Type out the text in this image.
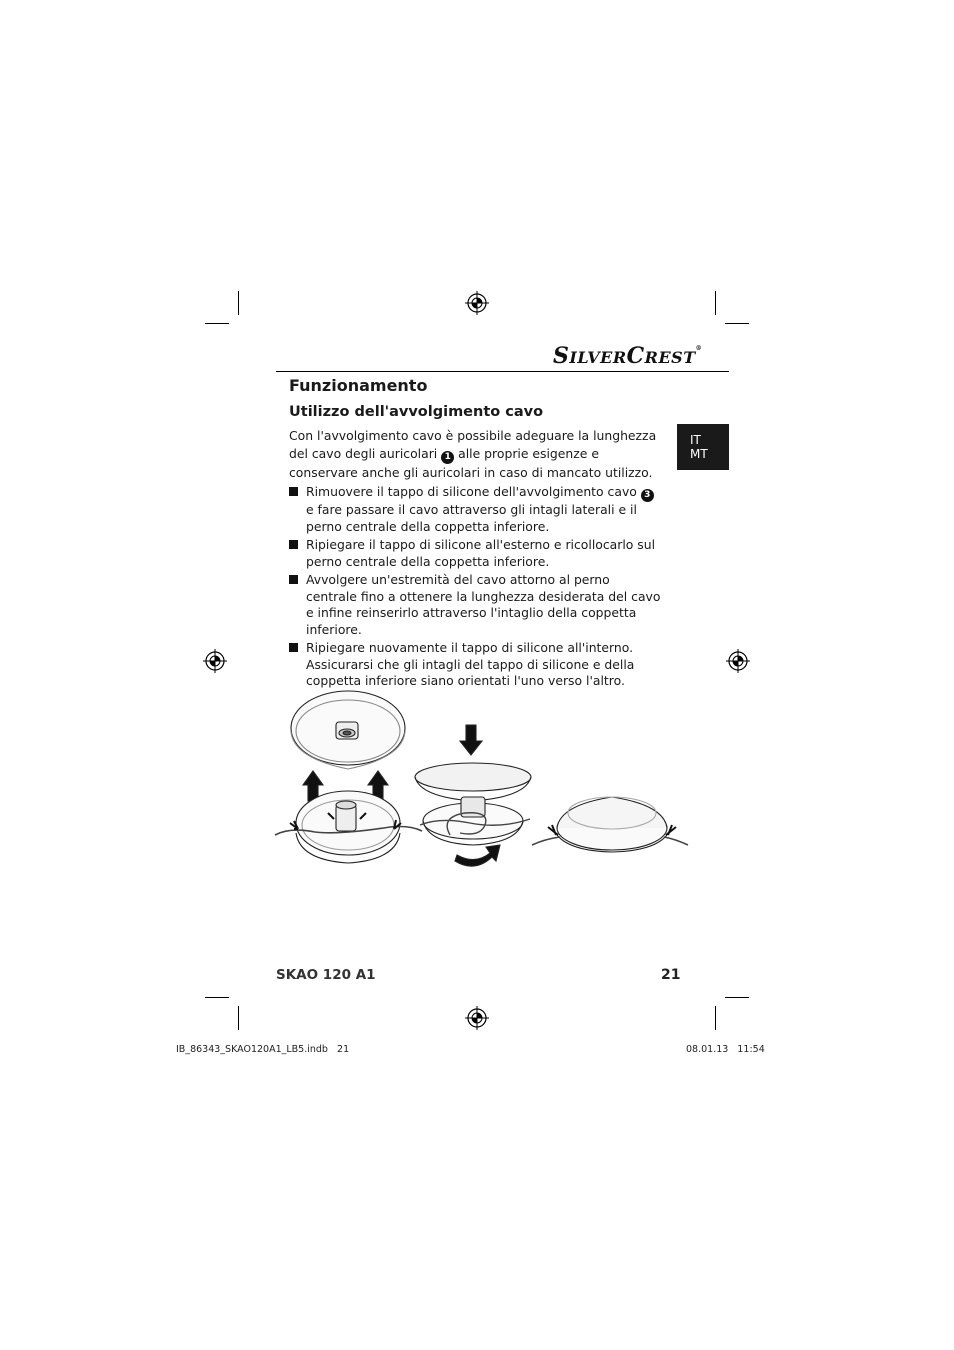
SILVERCREST®
Funzionamento
Utilizzo dell'avvolgimento cavo
Con l'avvolgimento cavo è possibile adeguare la lunghezza del cavo degli auricolari 1 alle proprie esigenze e conservare anche gli auricolari in caso di mancato utilizzo.
Rimuovere il tappo di silicone dell'avvolgimento cavo 3 e fare passare il cavo attraverso gli intagli laterali e il perno centrale della coppetta inferiore.
Ripiegare il tappo di silicone all'esterno e ricollocarlo sul perno centrale della coppetta inferiore.
Avvolgere un'estremità del cavo attorno al perno centrale fino a ottenere la lunghezza desiderata del cavo e infine reinserirlo attraverso l'intaglio della coppetta inferiore.
Ripiegare nuovamente il tappo di silicone all'interno. Assicurarsi che gli intagli del tappo di silicone e della coppetta inferiore siano orientati l'uno verso l'altro.
IT
MT
SKAO 120 A1	21
IB_86343_SKAO120A1_LB5.indb   21	08.01.13   11:54
